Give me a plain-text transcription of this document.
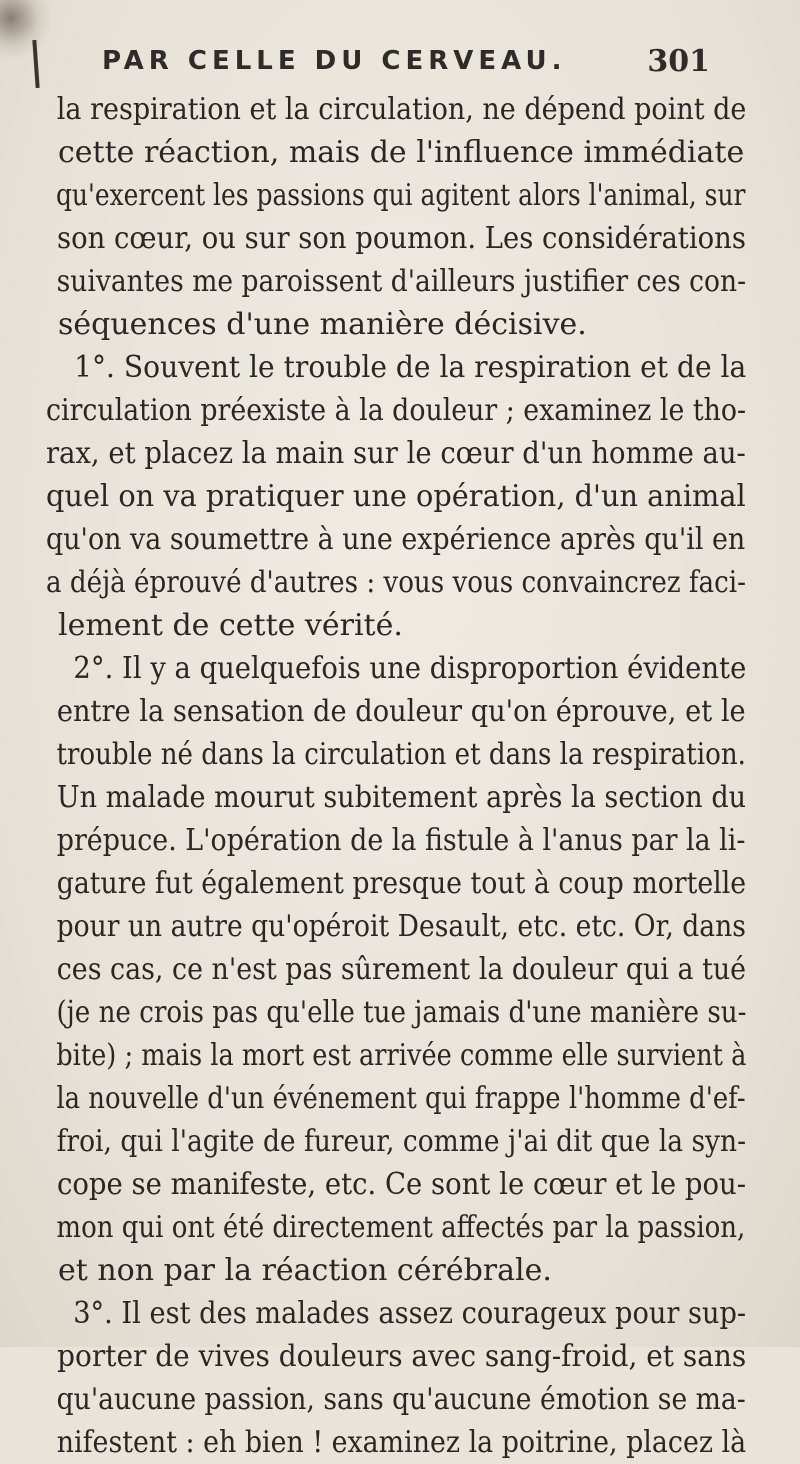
PAR CELLE DU CERVEAU.	301
la respiration et la circulation, ne dépend point de
cette réaction, mais de l'influence immédiate
qu'exercent les passions qui agitent alors l'animal, sur
son cœur, ou sur son poumon. Les considérations
suivantes me paroissent d'ailleurs justifier ces con-
séquences d'une manière décisive.
1°. Souvent le trouble de la respiration et de la
circulation préexiste à la douleur ; examinez le tho-
rax, et placez la main sur le cœur d'un homme au-
quel on va pratiquer une opération, d'un animal
qu'on va soumettre à une expérience après qu'il en
a déjà éprouvé d'autres : vous vous convaincrez faci-
lement de cette vérité.
2°. Il y a quelquefois une disproportion évidente
entre la sensation de douleur qu'on éprouve, et le
trouble né dans la circulation et dans la respiration.
Un malade mourut subitement après la section du
prépuce. L'opération de la fistule à l'anus par la li-
gature fut également presque tout à coup mortelle
pour un autre qu'opéroit Desault, etc. etc. Or, dans
ces cas, ce n'est pas sûrement la douleur qui a tué
(je ne crois pas qu'elle tue jamais d'une manière su-
bite) ; mais la mort est arrivée comme elle survient à
la nouvelle d'un événement qui frappe l'homme d'ef-
froi, qui l'agite de fureur, comme j'ai dit que la syn-
cope se manifeste, etc. Ce sont le cœur et le pou-
mon qui ont été directement affectés par la passion,
et non par la réaction cérébrale.
3°. Il est des malades assez courageux pour sup-
porter de vives douleurs avec sang-froid, et sans
qu'aucune passion, sans qu'aucune émotion se ma-
nifestent : eh bien ! examinez la poitrine, placez là
